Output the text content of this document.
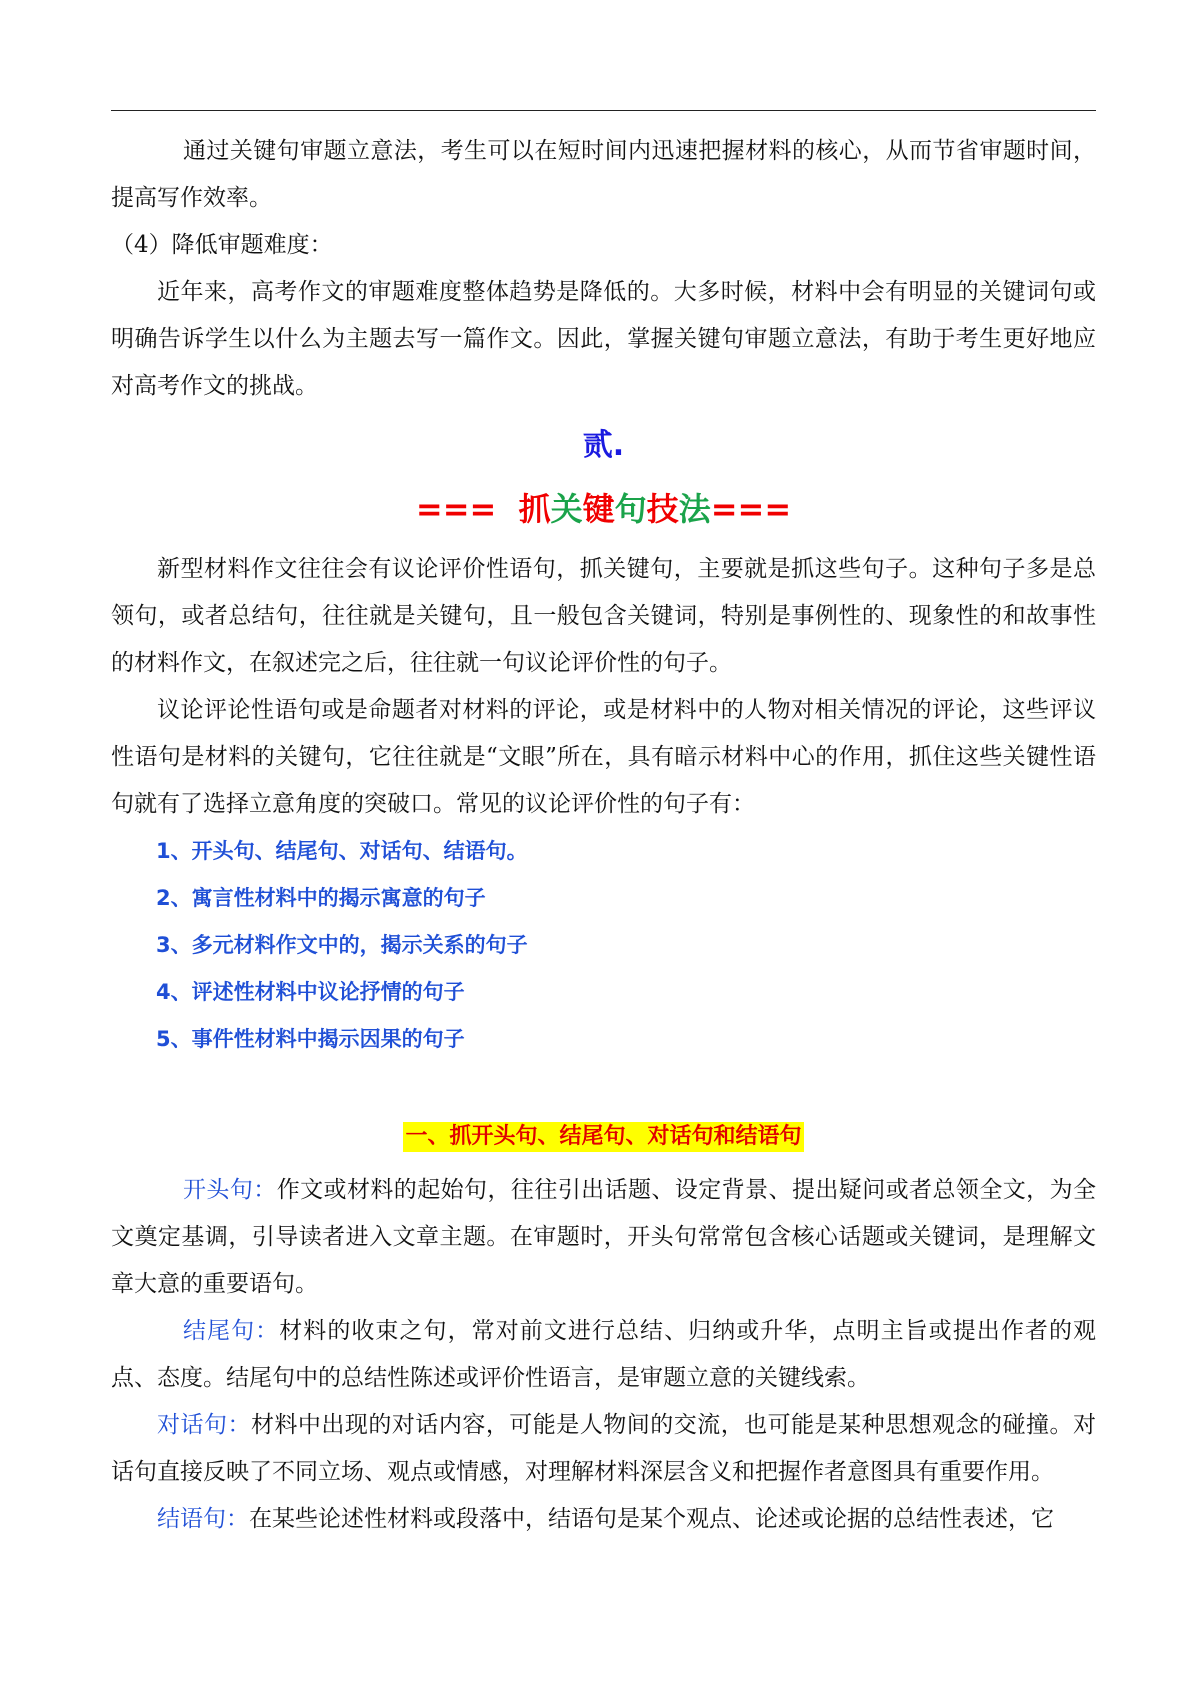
通过关键句审题立意法，考生可以在短时间内迅速把握材料的核心，从而节省审题时间，提高写作效率。

（4）降低审题难度：

近年来，高考作文的审题难度整体趋势是降低的。大多时候，材料中会有明显的关键词句或明确告诉学生以什么为主题去写一篇作文。因此，掌握关键句审题立意法，有助于考生更好地应对高考作文的挑战。

贰.
=== 抓关键句技法===

新型材料作文往往会有议论评价性语句，抓关键句，主要就是抓这些句子。这种句子多是总领句，或者总结句，往往就是关键句，且一般包含关键词，特别是事例性的、现象性的和故事性的材料作文，在叙述完之后，往往就一句议论评价性的句子。

议论评论性语句或是命题者对材料的评论，或是材料中的人物对相关情况的评论，这些评议性语句是材料的关键句，它往往就是“文眼”所在，具有暗示材料中心的作用，抓住这些关键性语句就有了选择立意角度的突破口。常见的议论评价性的句子有：

1、开头句、结尾句、对话句、结语句。

2、寓言性材料中的揭示寓意的句子

3、多元材料作文中的，揭示关系的句子

4、评述性材料中议论抒情的句子

5、事件性材料中揭示因果的句子

一、抓开头句、结尾句、对话句和结语句

开头句：作文或材料的起始句，往往引出话题、设定背景、提出疑问或者总领全文，为全文奠定基调，引导读者进入文章主题。在审题时，开头句常常包含核心话题或关键词，是理解文章大意的重要语句。

结尾句：材料的收束之句，常对前文进行总结、归纳或升华，点明主旨或提出作者的观点、态度。结尾句中的总结性陈述或评价性语言，是审题立意的关键线索。

对话句：材料中出现的对话内容，可能是人物间的交流，也可能是某种思想观念的碰撞。对话句直接反映了不同立场、观点或情感，对理解材料深层含义和把握作者意图具有重要作用。

结语句：在某些论述性材料或段落中，结语句是某个观点、论述或论据的总结性表述，它
